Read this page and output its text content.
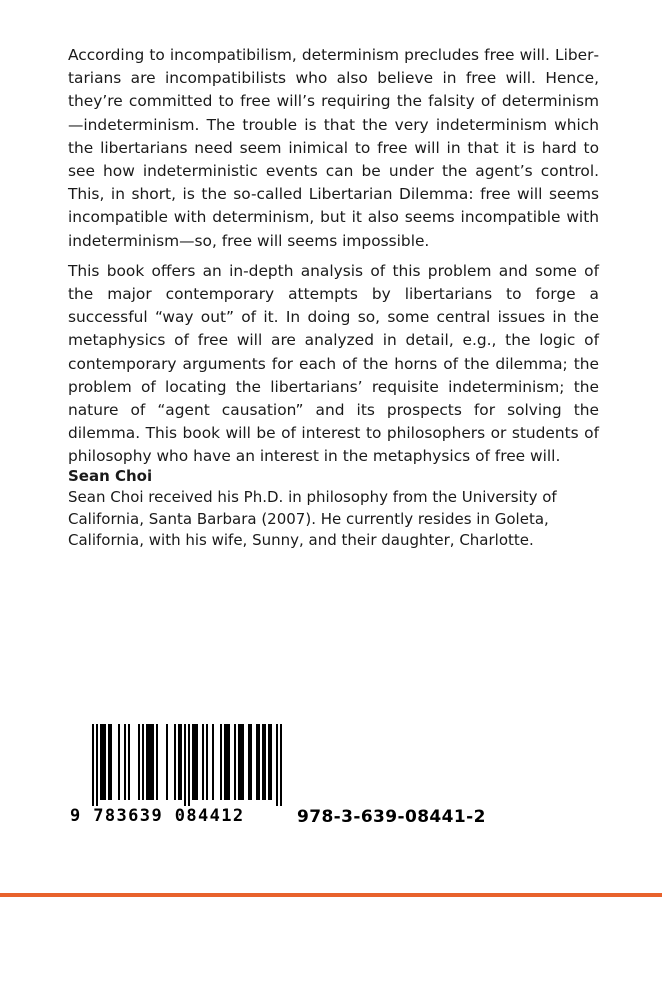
According to incompatibilism, determinism precludes free will. Libertarians are incompatibilists who also believe in free will. Hence, they’re committed to free will’s requiring the falsity of determinism—indeterminism. The trouble is that the very indeterminism which the libertarians need seem inimical to free will in that it is hard to see how indeterministic events can be under the agent’s control. This, in short, is the so-called Libertarian Dilemma: free will seems incompatible with determinism, but it also seems incompatible with indeterminism—so, free will seems impossible.

This book offers an in-depth analysis of this problem and some of the major contemporary attempts by libertarians to forge a successful “way out” of it. In doing so, some central issues in the metaphysics of free will are analyzed in detail, e.g., the logic of contemporary arguments for each of the horns of the dilemma; the problem of locating the libertarians’ requisite indeterminism; the nature of “agent causation” and its prospects for solving the dilemma. This book will be of interest to philosophers or students of philosophy who have an interest in the metaphysics of free will.

Sean Choi

Sean Choi received his Ph.D. in philosophy from the University of California, Santa Barbara (2007). He currently resides in Goleta, California, with his wife, Sunny, and their daughter, Charlotte.

9 783639 084412	978-3-639-08441-2
